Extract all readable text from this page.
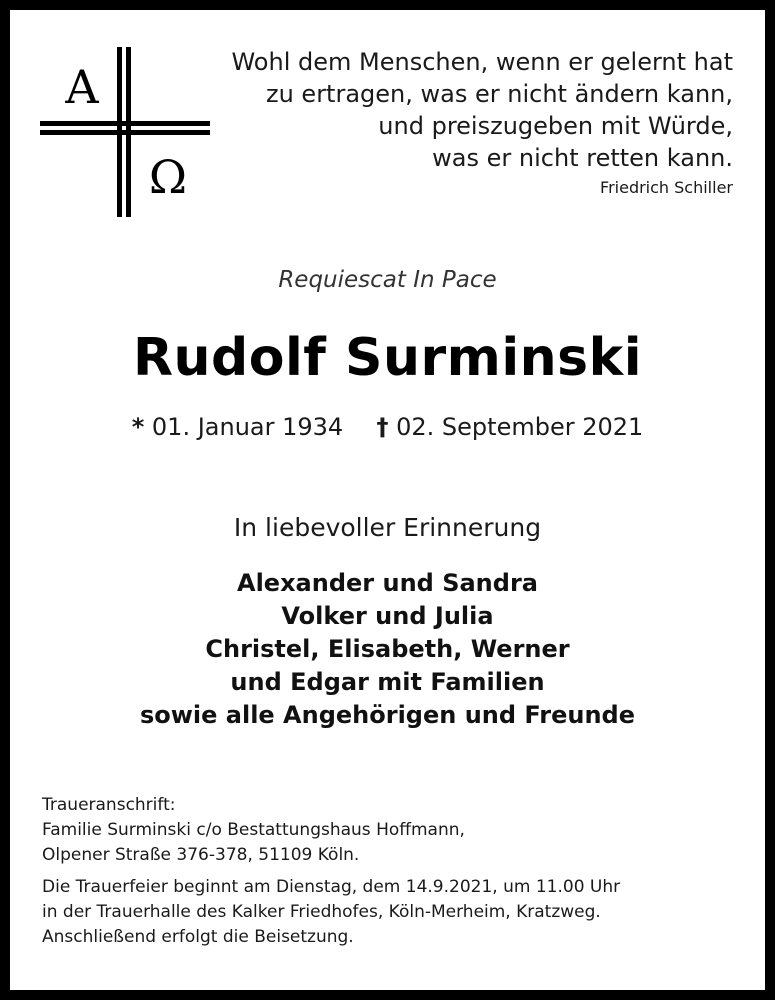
A
Ω
Wohl dem Menschen, wenn er gelernt hat
zu ertragen, was er nicht ändern kann,
und preiszugeben mit Würde,
was er nicht retten kann.
Friedrich Schiller
Requiescat In Pace
Rudolf Surminski
* 01. Januar 1934 † 02. September 2021
In liebevoller Erinnerung
Alexander und Sandra
Volker und Julia
Christel, Elisabeth, Werner
und Edgar mit Familien
sowie alle Angehörigen und Freunde
Traueranschrift:
Familie Surminski c/o Bestattungshaus Hoffmann,
Olpener Straße 376-378, 51109 Köln.
Die Trauerfeier beginnt am Dienstag, dem 14.9.2021, um 11.00 Uhr
in der Trauerhalle des Kalker Friedhofes, Köln-Merheim, Kratzweg.
Anschließend erfolgt die Beisetzung.
